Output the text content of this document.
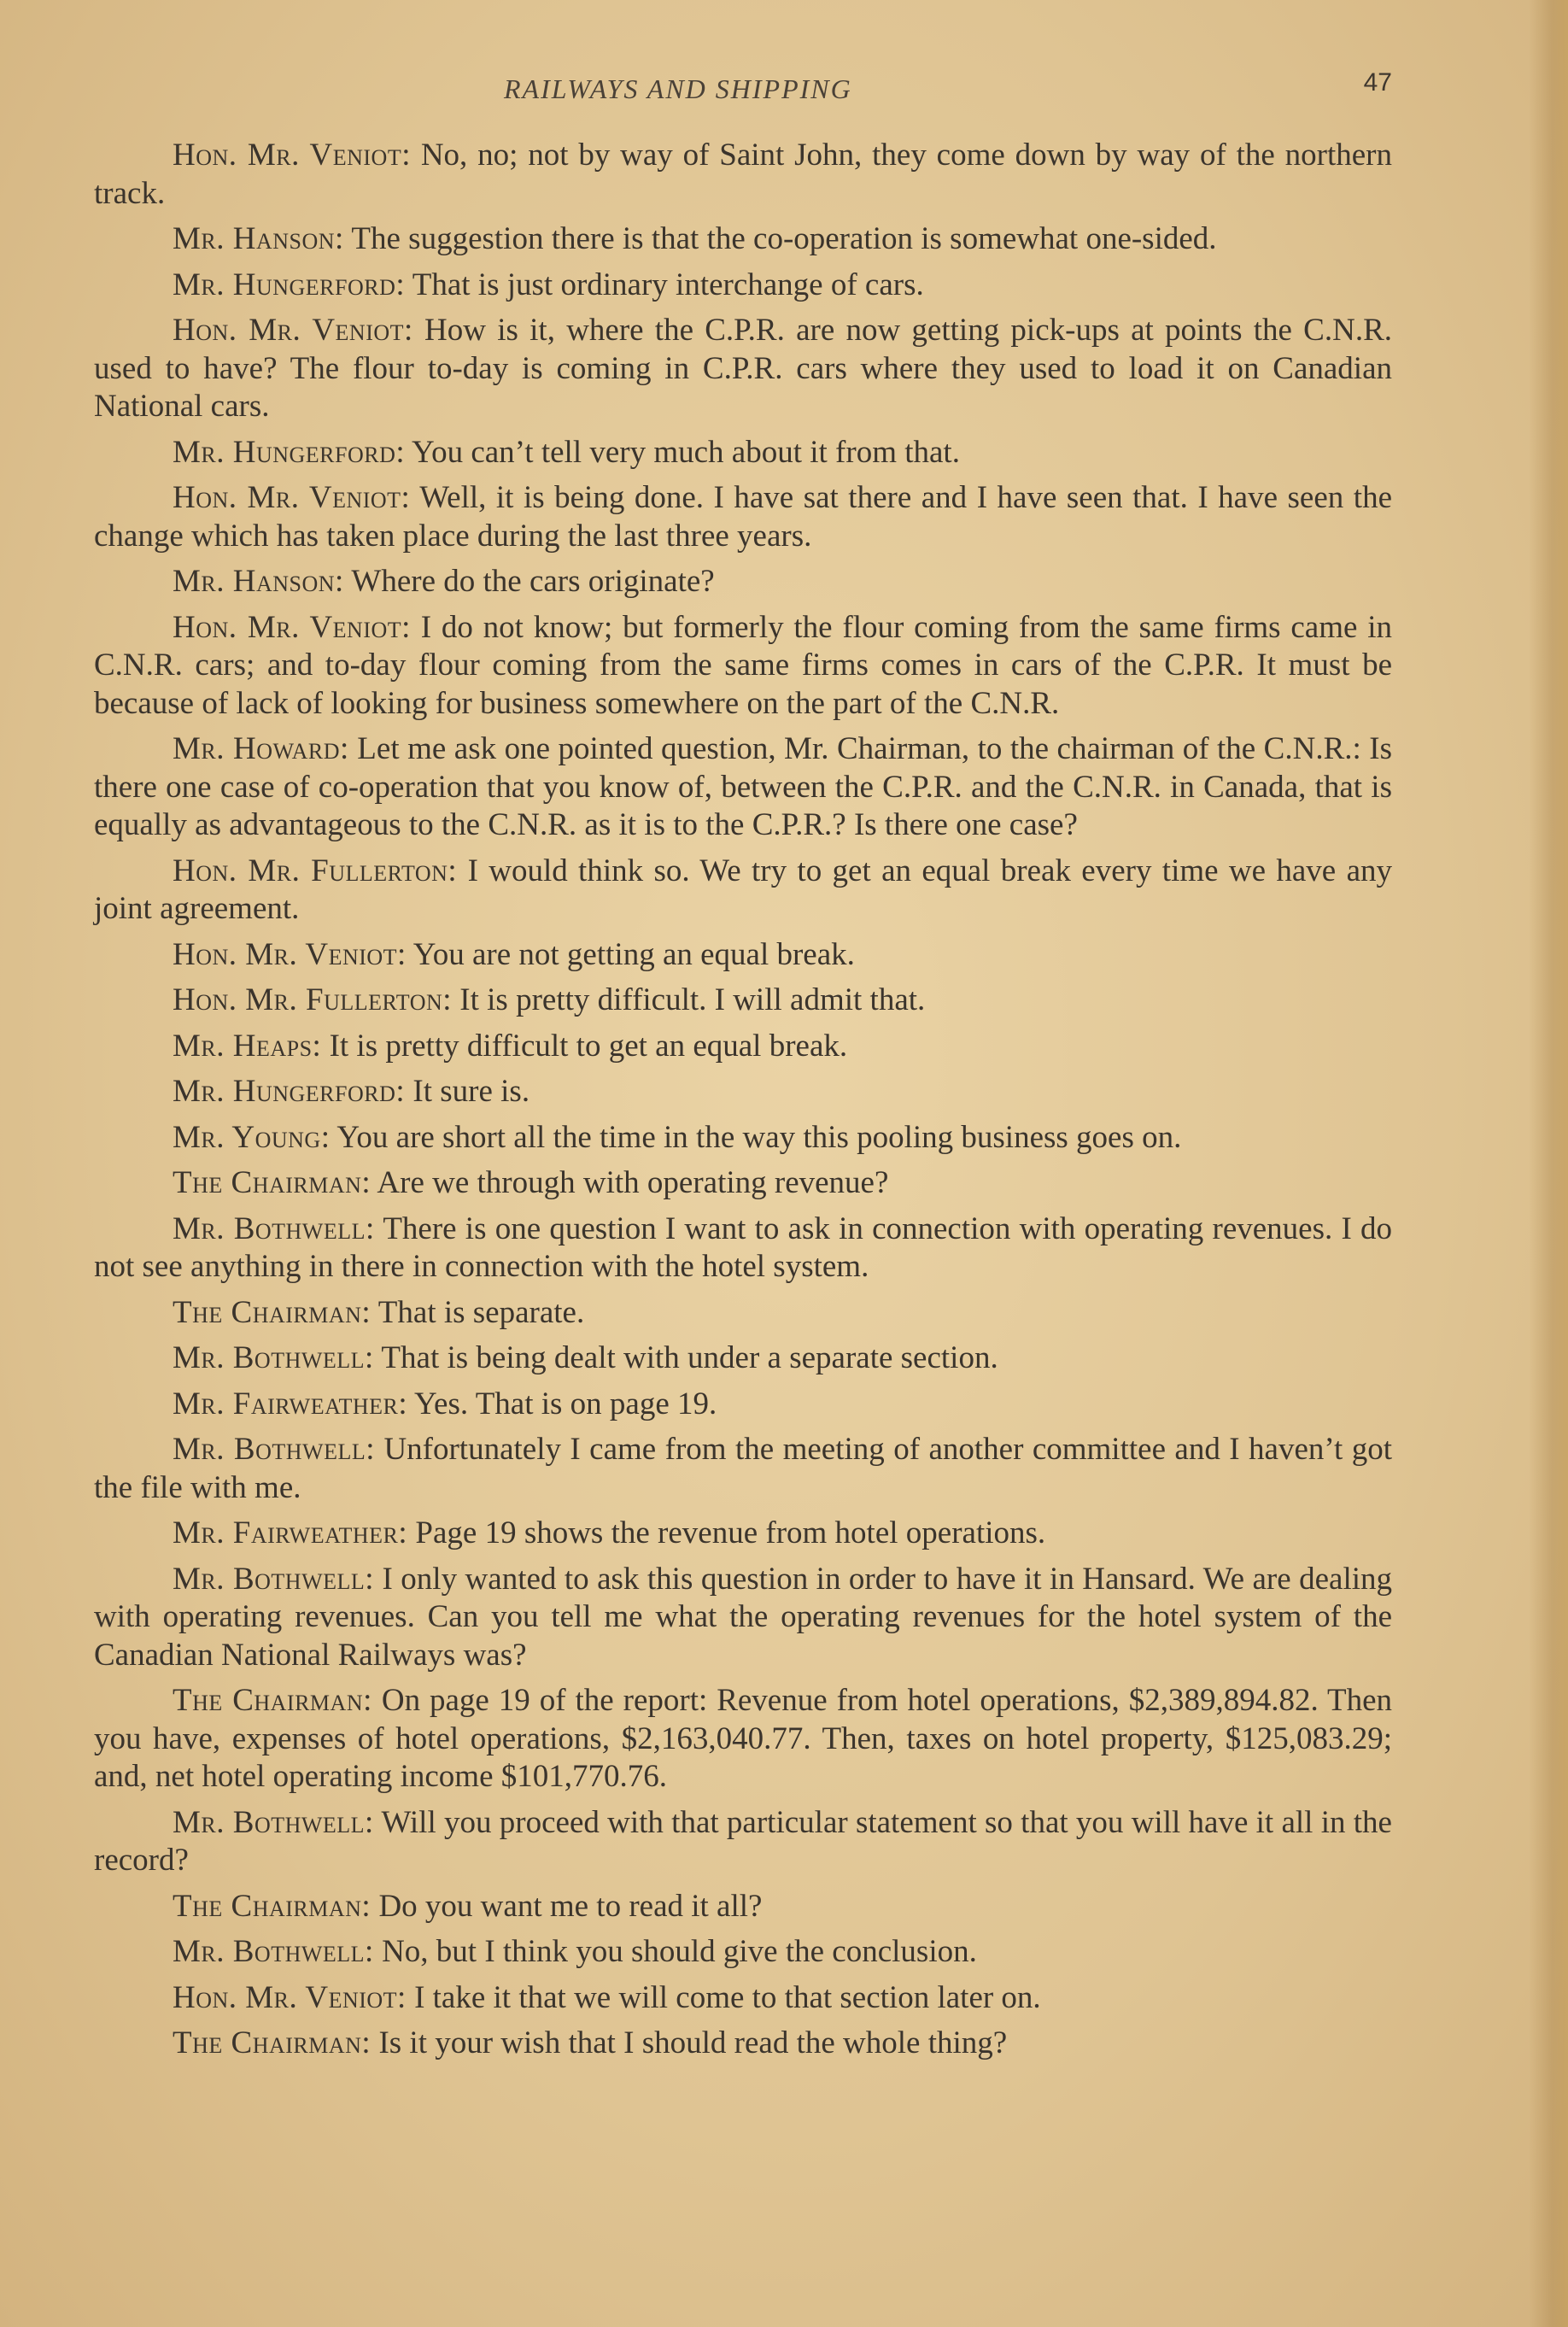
RAILWAYS AND SHIPPING	47

Hon. Mr. Veniot: No, no; not by way of Saint John, they come down by way of the northern track.

Mr. Hanson: The suggestion there is that the co-operation is somewhat one-sided.

Mr. Hungerford: That is just ordinary interchange of cars.

Hon. Mr. Veniot: How is it, where the C.P.R. are now getting pick-ups at points the C.N.R. used to have? The flour to-day is coming in C.P.R. cars where they used to load it on Canadian National cars.

Mr. Hungerford: You can’t tell very much about it from that.

Hon. Mr. Veniot: Well, it is being done. I have sat there and I have seen that. I have seen the change which has taken place during the last three years.

Mr. Hanson: Where do the cars originate?

Hon. Mr. Veniot: I do not know; but formerly the flour coming from the same firms came in C.N.R. cars; and to-day flour coming from the same firms comes in cars of the C.P.R. It must be because of lack of looking for business somewhere on the part of the C.N.R.

Mr. Howard: Let me ask one pointed question, Mr. Chairman, to the chairman of the C.N.R.: Is there one case of co-operation that you know of, between the C.P.R. and the C.N.R. in Canada, that is equally as advantageous to the C.N.R. as it is to the C.P.R.? Is there one case?

Hon. Mr. Fullerton: I would think so. We try to get an equal break every time we have any joint agreement.

Hon. Mr. Veniot: You are not getting an equal break.

Hon. Mr. Fullerton: It is pretty difficult. I will admit that.

Mr. Heaps: It is pretty difficult to get an equal break.

Mr. Hungerford: It sure is.

Mr. Young: You are short all the time in the way this pooling business goes on.

The Chairman: Are we through with operating revenue?

Mr. Bothwell: There is one question I want to ask in connection with operating revenues. I do not see anything in there in connection with the hotel system.

The Chairman: That is separate.

Mr. Bothwell: That is being dealt with under a separate section.

Mr. Fairweather: Yes. That is on page 19.

Mr. Bothwell: Unfortunately I came from the meeting of another committee and I haven’t got the file with me.

Mr. Fairweather: Page 19 shows the revenue from hotel operations.

Mr. Bothwell: I only wanted to ask this question in order to have it in Hansard. We are dealing with operating revenues. Can you tell me what the operating revenues for the hotel system of the Canadian National Railways was?

The Chairman: On page 19 of the report: Revenue from hotel operations, $2,389,894.82. Then you have, expenses of hotel operations, $2,163,040.77. Then, taxes on hotel property, $125,083.29; and, net hotel operating income $101,770.76.

Mr. Bothwell: Will you proceed with that particular statement so that you will have it all in the record?

The Chairman: Do you want me to read it all?

Mr. Bothwell: No, but I think you should give the conclusion.

Hon. Mr. Veniot: I take it that we will come to that section later on.

The Chairman: Is it your wish that I should read the whole thing?
